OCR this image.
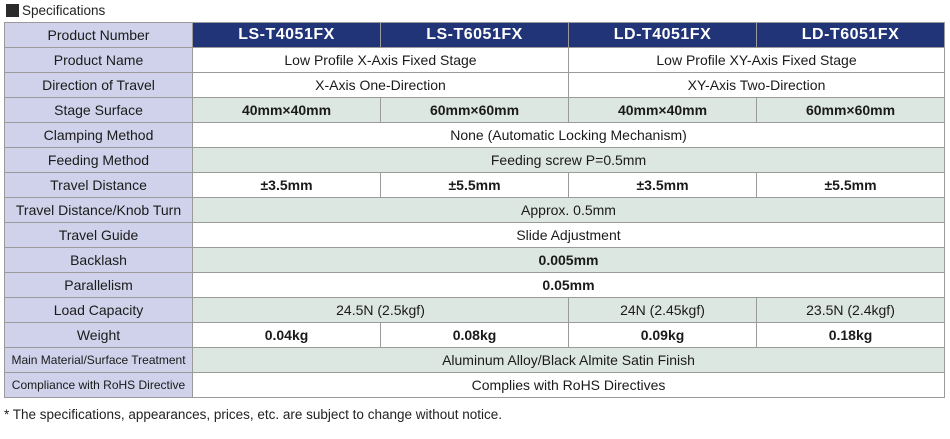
Specifications
Product Number	LS-T4051FX	LS-T6051FX	LD-T4051FX	LD-T6051FX
Product Name	Low Profile X-Axis Fixed Stage		Low Profile XY-Axis Fixed Stage	
Direction of Travel	X-Axis One-Direction		XY-Axis Two-Direction	
Stage Surface	40mm×40mm	60mm×60mm	40mm×40mm	60mm×60mm
Clamping Method	None (Automatic Locking Mechanism)			
Feeding Method	Feeding screw P=0.5mm			
Travel Distance	±3.5mm	±5.5mm	±3.5mm	±5.5mm
Travel Distance/Knob Turn	Approx. 0.5mm			
Travel Guide	Slide Adjustment			
Backlash	0.005mm			
Parallelism	0.05mm			
Load Capacity	24.5N (2.5kgf)		24N (2.45kgf)	23.5N (2.4kgf)
Weight	0.04kg	0.08kg	0.09kg	0.18kg
Main Material/Surface Treatment	Aluminum Alloy/Black Almite Satin Finish			
Compliance with RoHS Directive	Complies with RoHS Directives			
* The specifications, appearances, prices, etc. are subject to change without notice.
